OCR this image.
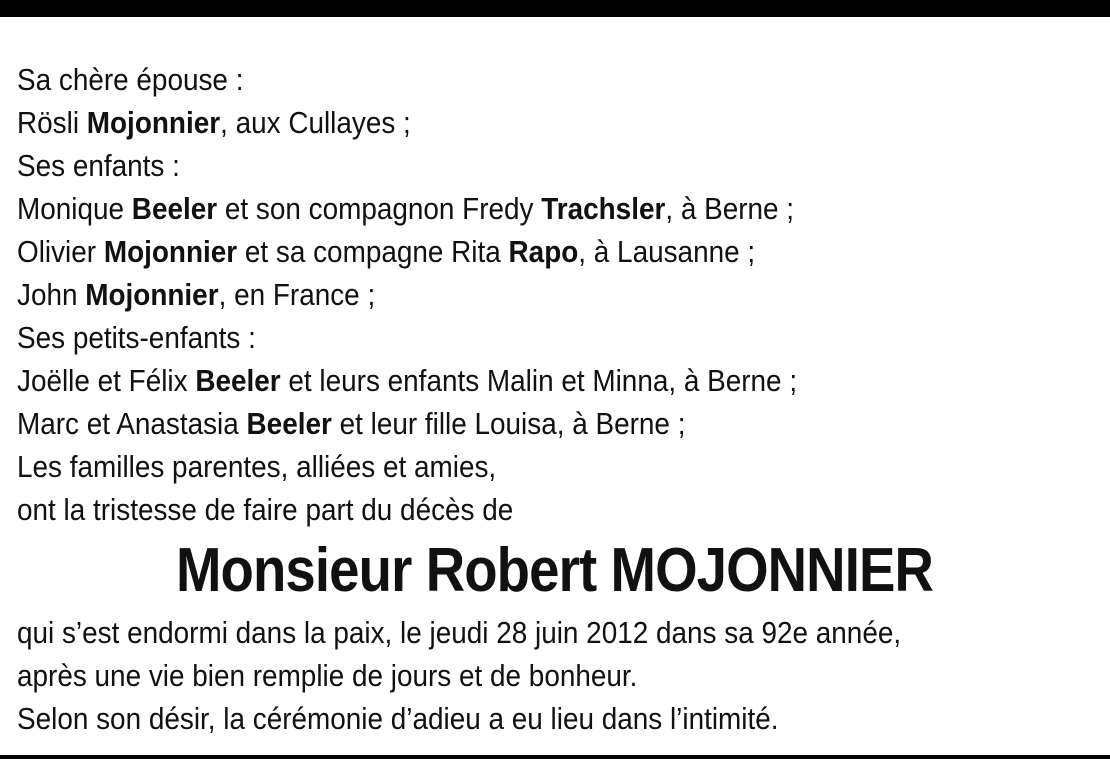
Sa chère épouse :
Rösli Mojonnier, aux Cullayes ;
Ses enfants :
Monique Beeler et son compagnon Fredy Trachsler, à Berne ;
Olivier Mojonnier et sa compagne Rita Rapo, à Lausanne ;
John Mojonnier, en France ;
Ses petits-enfants :
Joëlle et Félix Beeler et leurs enfants Malin et Minna, à Berne ;
Marc et Anastasia Beeler et leur fille Louisa, à Berne ;
Les familles parentes, alliées et amies,
ont la tristesse de faire part du décès de
Monsieur Robert MOJONNIER
qui s’est endormi dans la paix, le jeudi 28 juin 2012 dans sa 92e année,
après une vie bien remplie de jours et de bonheur.
Selon son désir, la cérémonie d’adieu a eu lieu dans l’intimité.
